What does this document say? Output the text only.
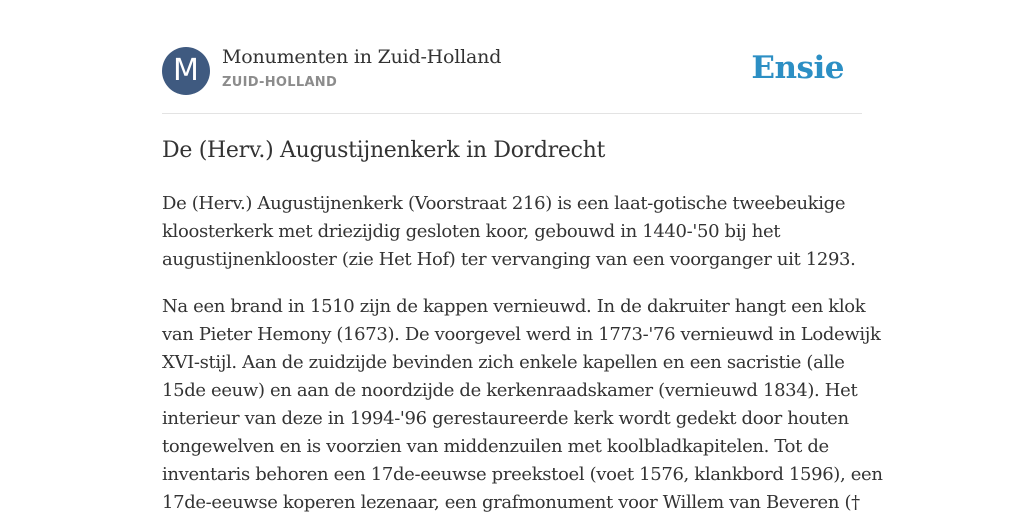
M	Monumenten in Zuid-Holland
ZUID-HOLLAND	Ensie
De (Herv.) Augustijnenkerk in Dordrecht

De (Herv.) Augustijnenkerk (Voorstraat 216) is een laat-gotische tweebeukige
kloosterkerk met driezijdig gesloten koor, gebouwd in 1440-'50 bij het
augustijnenklooster (zie Het Hof) ter vervanging van een voorganger uit 1293.

Na een brand in 1510 zijn de kappen vernieuwd. In de dakruiter hangt een klok
van Pieter Hemony (1673). De voorgevel werd in 1773-'76 vernieuwd in Lodewijk
XVI-stijl. Aan de zuidzijde bevinden zich enkele kapellen en een sacristie (alle
15de eeuw) en aan de noordzijde de kerkenraadskamer (vernieuwd 1834). Het
interieur van deze in 1994-'96 gerestaureerde kerk wordt gedekt door houten
tongewelven en is voorzien van middenzuilen met koolbladkapitelen. Tot de
inventaris behoren een 17de-eeuwse preekstoel (voet 1576, klankbord 1596), een
17de-eeuwse koperen lezenaar, een grafmonument voor Willem van Beveren (†
